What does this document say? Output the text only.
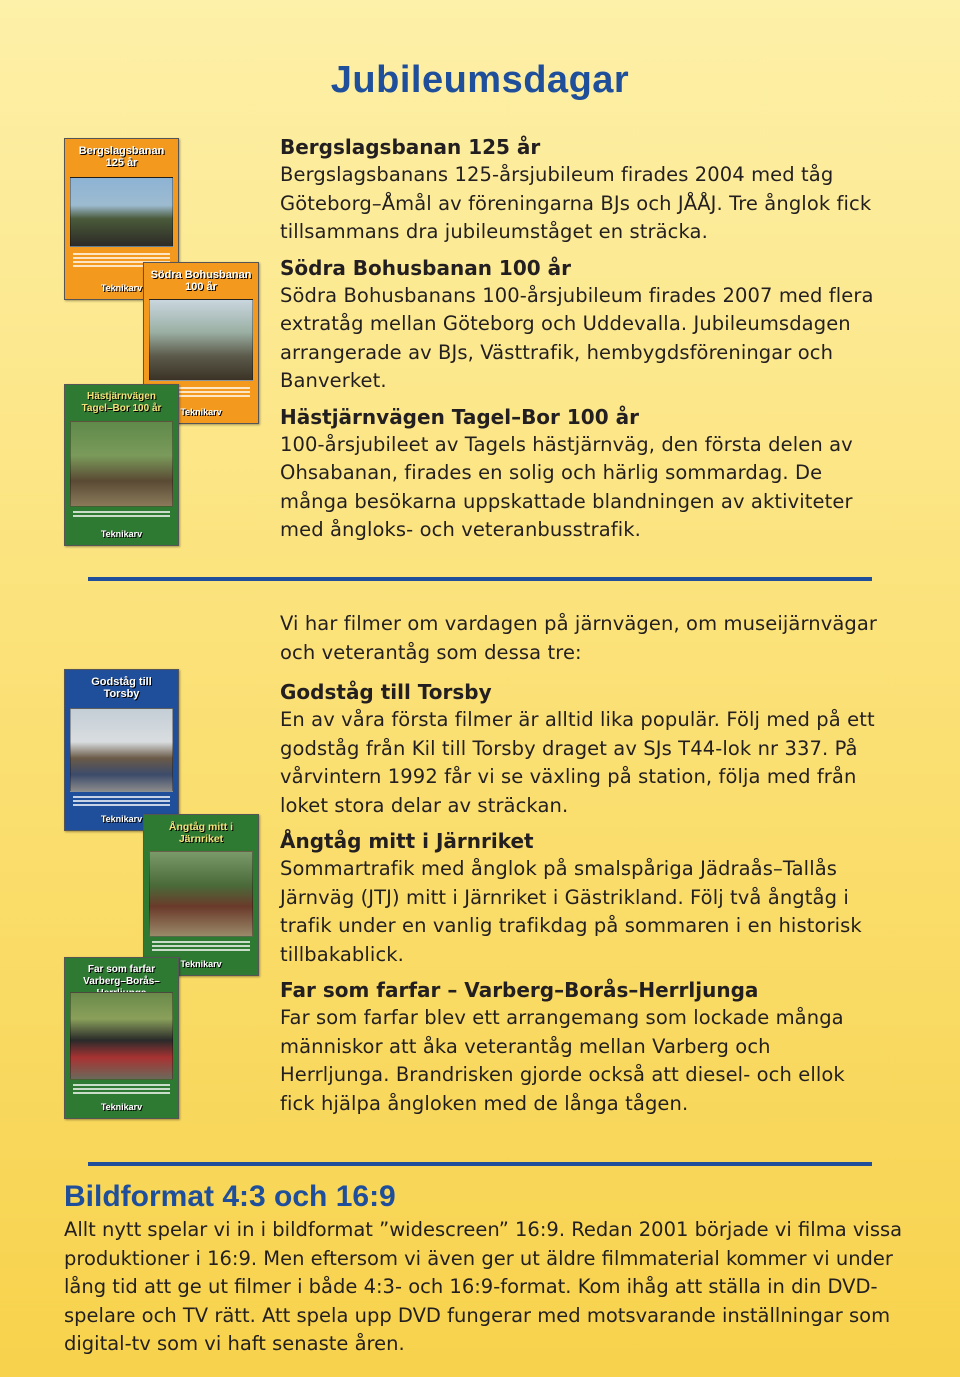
Jubileumsdagar
Bergslagsbanan 125 år
Teknikarv
Södra Bohusbanan 100 år
Teknikarv
Hästjärnvägen Tagel–Bor 100 år
Teknikarv

Bergslagsbanan 125 år

Bergslagsbanans 125-årsjubileum firades 2004 med tåg Göteborg–Åmål av föreningarna BJs och JÅÅJ. Tre ånglok fick tillsammans dra jubileumståget en sträcka.

Södra Bohusbanan 100 år

Södra Bohusbanans 100-årsjubileum firades 2007 med flera extratåg mellan Göteborg och Uddevalla. Jubileumsdagen arrangerade av BJs, Västtrafik, hembygdsföreningar och Banverket.

Hästjärnvägen Tagel–Bor 100 år

100-årsjubileet av Tagels hästjärnväg, den första delen av Ohsabanan, firades en solig och härlig sommardag. De många besökarna uppskattade blandningen av aktiviteter med ångloks- och veteranbusstrafik.

Godståg till Torsby
Teknikarv
Ångtåg mitt i Järnriket
Teknikarv
Far som farfar Varberg–Borås–
Teknikarv

Vi har filmer om vardagen på järnvägen, om museijärnvägar och veterantåg som dessa tre:

Godståg till Torsby

En av våra första filmer är alltid lika populär. Följ med på ett godståg från Kil till Torsby draget av SJs T44-lok nr 337. På vårvintern 1992 får vi se växling på station, följa med från loket stora delar av sträckan.

Ångtåg mitt i Järnriket

Sommartrafik med ånglok på smalspåriga Jädraås–Tallås Järnväg (JTJ) mitt i Järnriket i Gästrikland. Följ två ångtåg i trafik under en vanlig trafikdag på sommaren i en historisk tillbakablick.

Far som farfar – Varberg–Borås–Herrljunga

Far som farfar blev ett arrangemang som lockade många människor att åka veterantåg mellan Varberg och Herrljunga. Brandrisken gjorde också att diesel- och ellok fick hjälpa ångloken med de långa tågen.

Bildformat 4:3 och 16:9

Allt nytt spelar vi in i bildformat ”widescreen” 16:9. Redan 2001 började vi filma vissa produktioner i 16:9. Men eftersom vi även ger ut äldre filmmaterial kommer vi under lång tid att ge ut filmer i både 4:3- och 16:9-format. Kom ihåg att ställa in din DVD-spelare och TV rätt. Att spela upp DVD fungerar med motsvarande inställningar som digital-tv som vi haft senaste åren.
